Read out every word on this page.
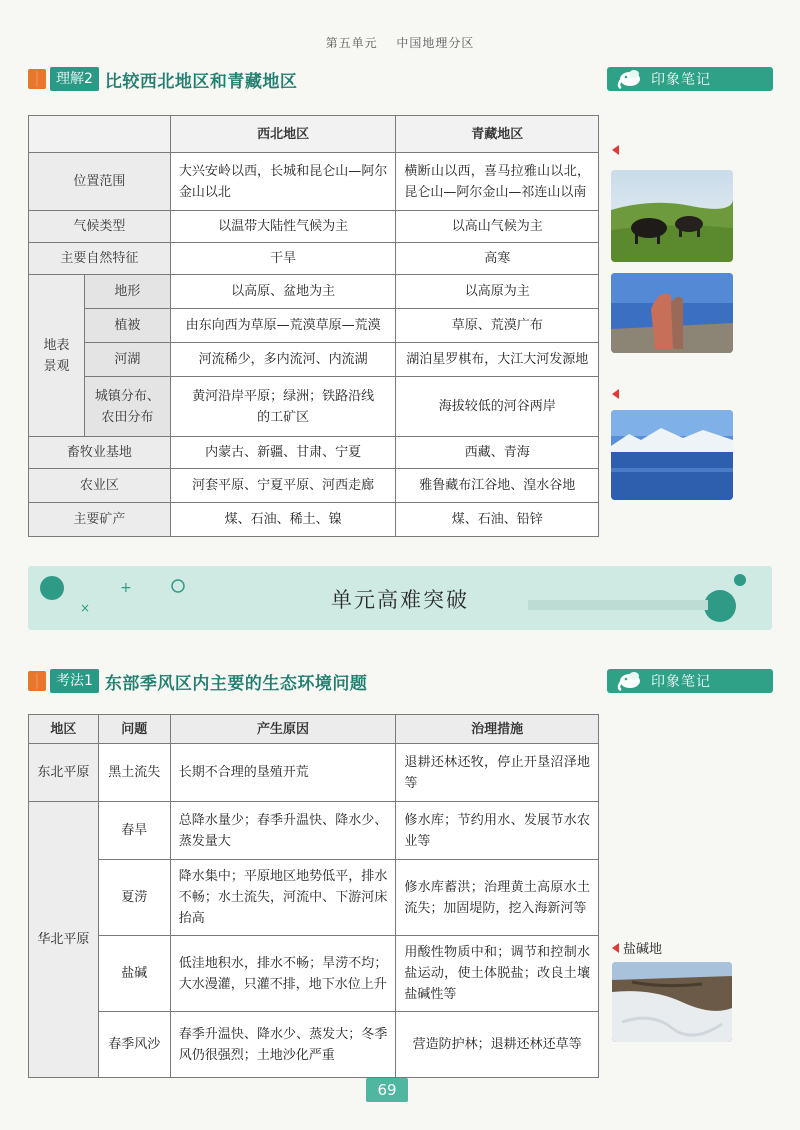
第五单元 中国地理分区
理解2 比较西北地区和青藏地区	印象笔记
		西北地区	青藏地区
位置范围		大兴安岭以西，长城和昆仑山—阿尔金山以北	横断山以西，喜马拉雅山以北，昆仑山—阿尔金山—祁连山以南
气候类型		以温带大陆性气候为主	以高山气候为主
主要自然特征		干旱	高寒
地表景观	地形	以高原、盆地为主	以高原为主
	植被	由东向西为草原—荒漠草原—荒漠	草原、荒漠广布
	河湖	河流稀少，多内流河、内流湖	湖泊星罗棋布，大江大河发源地
	城镇分布、农田分布	黄河沿岸平原；绿洲；铁路沿线的工矿区	海拔较低的河谷两岸
畜牧业基地		内蒙古、新疆、甘肃、宁夏	西藏、青海
农业区		河套平原、宁夏平原、河西走廊	雅鲁藏布江谷地、湟水谷地
主要矿产		煤、石油、稀土、镍	煤、石油、铅锌
+
×	单元高难突破
考法1 东部季风区内主要的生态环境问题	印象笔记
地区	问题	产生原因	治理措施
东北平原	黑土流失	长期不合理的垦殖开荒	退耕还林还牧，停止开垦沼泽地等
华北平原	春旱	总降水量少；春季升温快、降水少、蒸发量大	修水库；节约用水、发展节水农业等
	夏涝	降水集中；平原地区地势低平，排水不畅；水土流失，河流中、下游河床抬高	修水库蓄洪；治理黄土高原水土流失；加固堤防，挖入海新河等
	盐碱	低洼地积水，排水不畅；旱涝不均；大水漫灌，只灌不排，地下水位上升	用酸性物质中和；调节和控制水盐运动，使土体脱盐；改良土壤盐碱性等
	春季风沙	春季升温快、降水少、蒸发大；冬季风仍很强烈；土地沙化严重	营造防护林；退耕还林还草等
盐碱地
69
